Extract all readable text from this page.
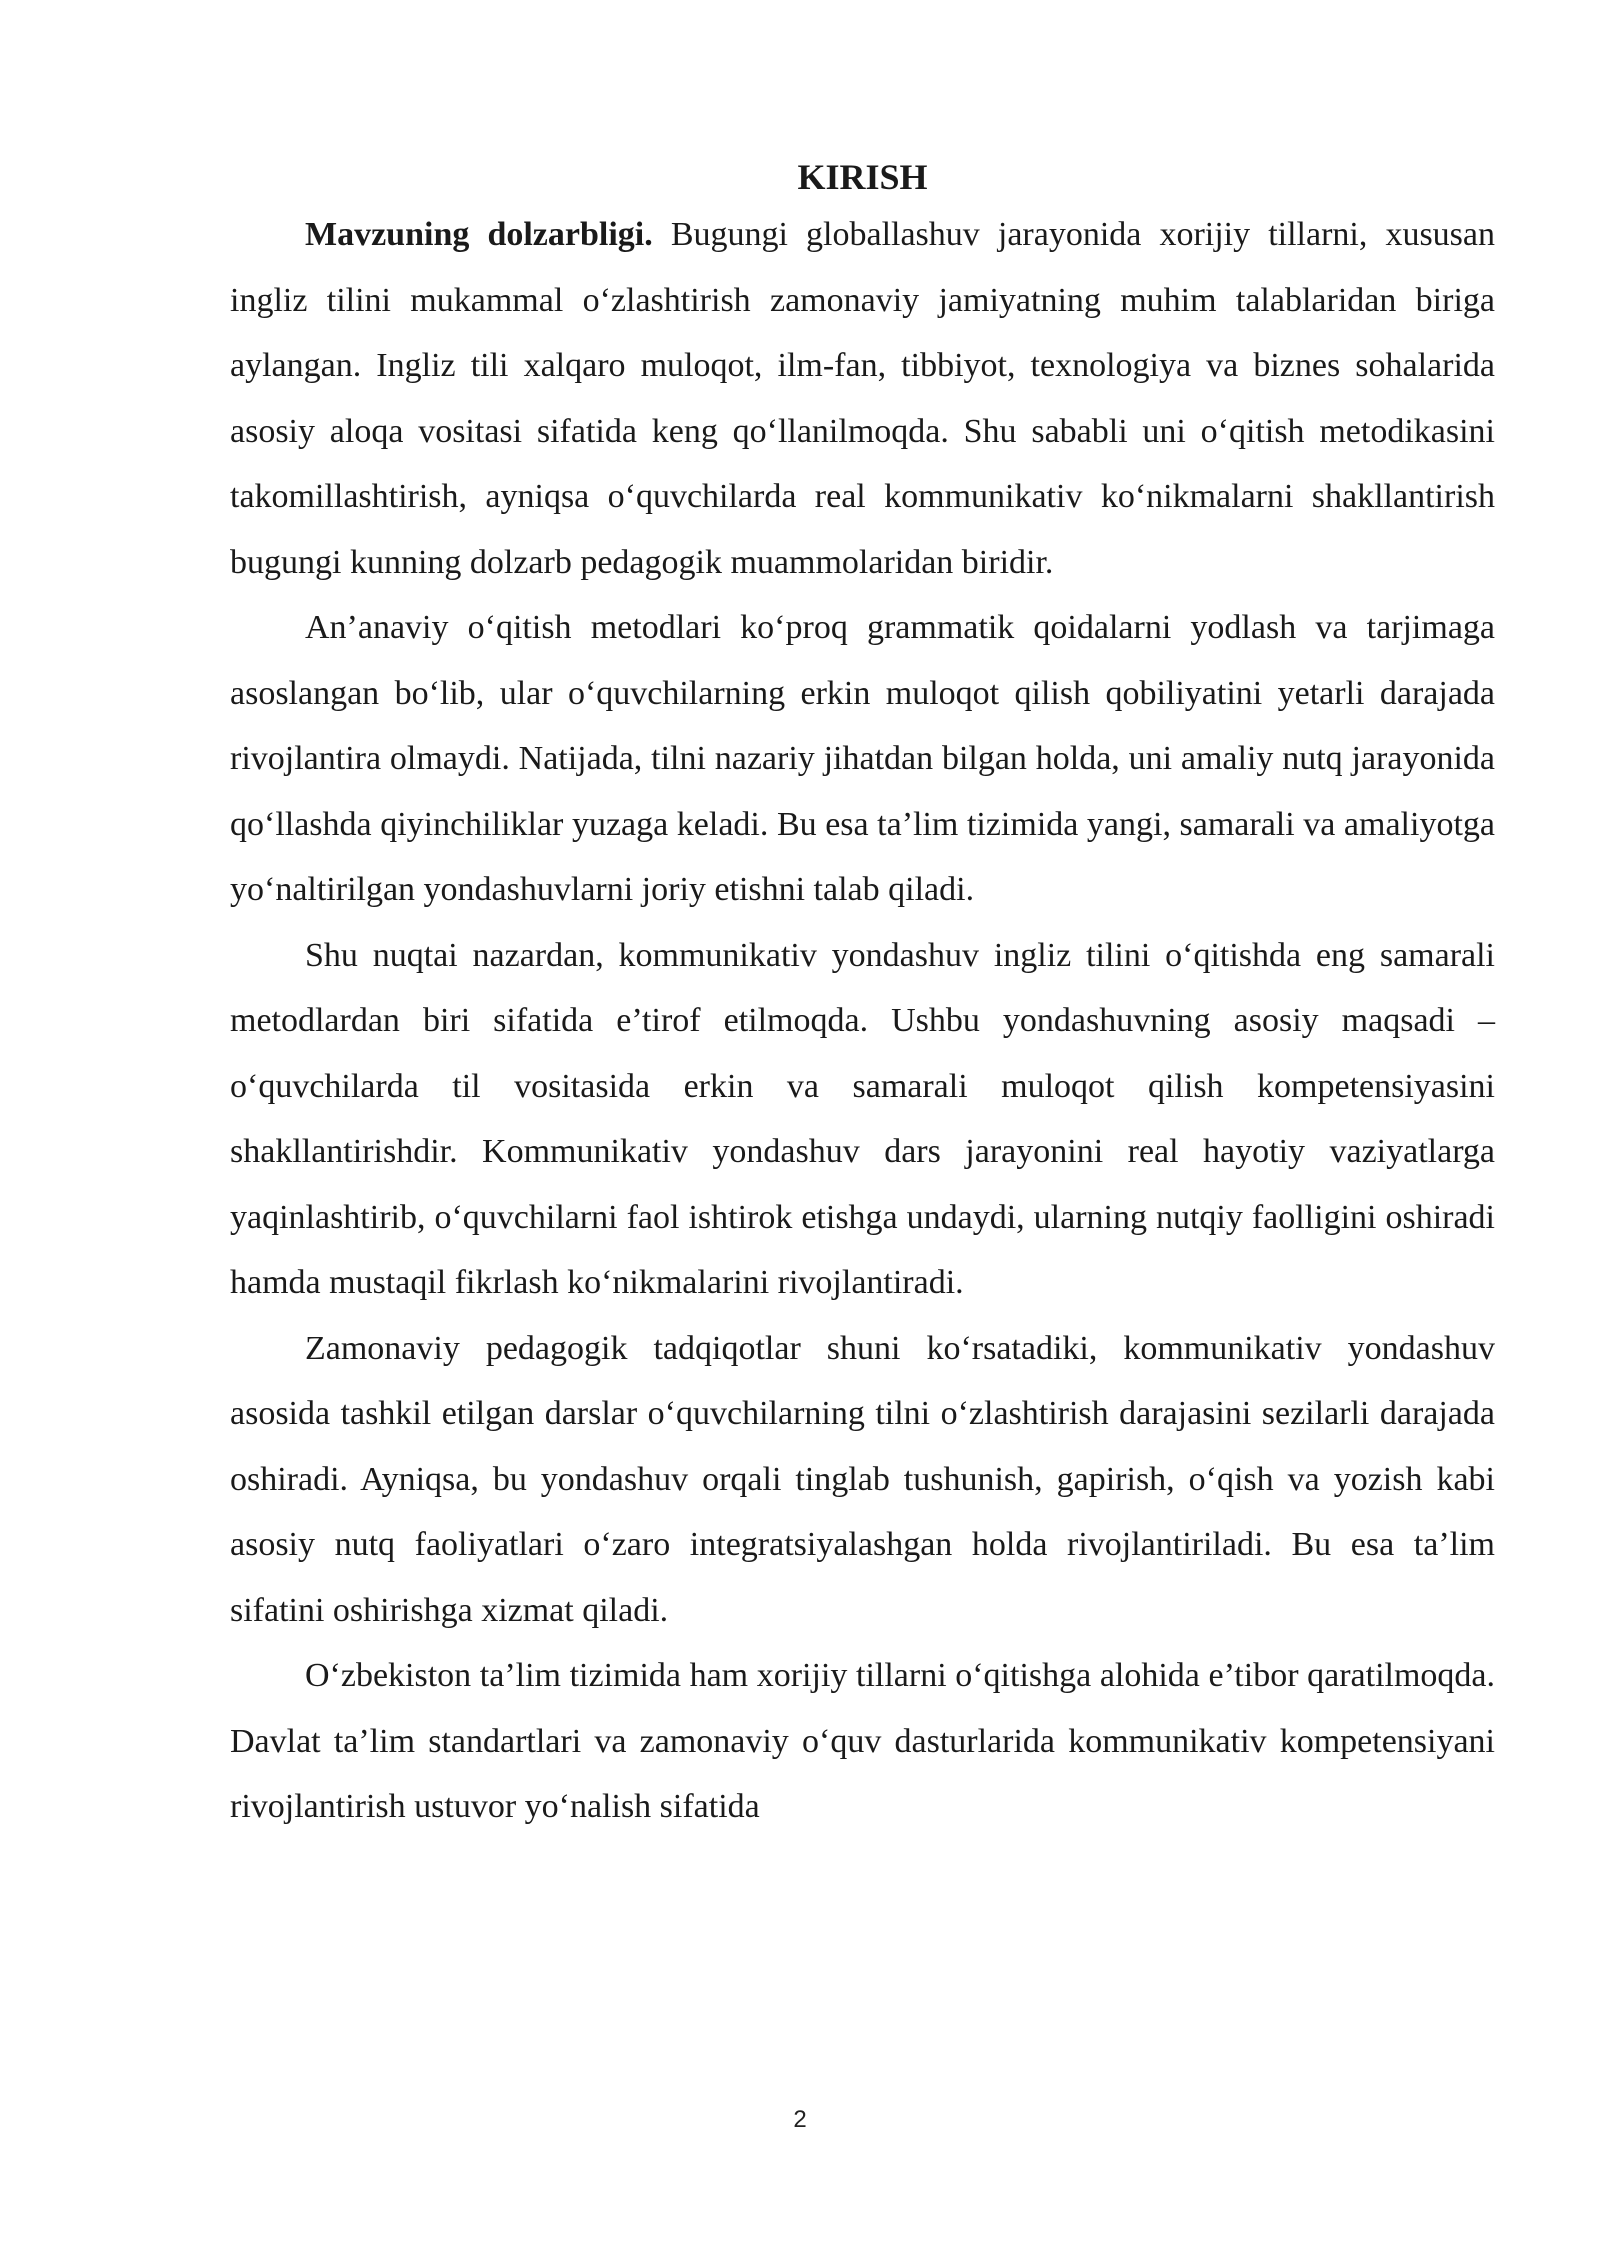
KIRISH

Mavzuning dolzarbligi. Bugungi globallashuv jarayonida xorijiy tillarni, xususan ingliz tilini mukammal o‘zlashtirish zamonaviy jamiyatning muhim talablaridan biriga aylangan. Ingliz tili xalqaro muloqot, ilm-fan, tibbiyot, texnologiya va biznes sohalarida asosiy aloqa vositasi sifatida keng qo‘llanilmoqda. Shu sababli uni o‘qitish metodikasini takomillashtirish, ayniqsa o‘quvchilarda real kommunikativ ko‘nikmalarni shakllantirish bugungi kunning dolzarb pedagogik muammolaridan biridir.

An’anaviy o‘qitish metodlari ko‘proq grammatik qoidalarni yodlash va tarjimaga asoslangan bo‘lib, ular o‘quvchilarning erkin muloqot qilish qobiliyatini yetarli darajada rivojlantira olmaydi. Natijada, tilni nazariy jihatdan bilgan holda, uni amaliy nutq jarayonida qo‘llashda qiyinchiliklar yuzaga keladi. Bu esa ta’lim tizimida yangi, samarali va amaliyotga yo‘naltirilgan yondashuvlarni joriy etishni talab qiladi.

Shu nuqtai nazardan, kommunikativ yondashuv ingliz tilini o‘qitishda eng samarali metodlardan biri sifatida e’tirof etilmoqda. Ushbu yondashuvning asosiy maqsadi – o‘quvchilarda til vositasida erkin va samarali muloqot qilish kompetensiyasini shakllantirishdir. Kommunikativ yondashuv dars jarayonini real hayotiy vaziyatlarga yaqinlashtirib, o‘quvchilarni faol ishtirok etishga undaydi, ularning nutqiy faolligini oshiradi hamda mustaqil fikrlash ko‘nikmalarini rivojlantiradi.

Zamonaviy pedagogik tadqiqotlar shuni ko‘rsatadiki, kommunikativ yondashuv asosida tashkil etilgan darslar o‘quvchilarning tilni o‘zlashtirish darajasini sezilarli darajada oshiradi. Ayniqsa, bu yondashuv orqali tinglab tushunish, gapirish, o‘qish va yozish kabi asosiy nutq faoliyatlari o‘zaro integratsiyalashgan holda rivojlantiriladi. Bu esa ta’lim sifatini oshirishga xizmat qiladi.

O‘zbekiston ta’lim tizimida ham xorijiy tillarni o‘qitishga alohida e’tibor qaratilmoqda. Davlat ta’lim standartlari va zamonaviy o‘quv dasturlarida kommunikativ kompetensiyani rivojlantirish ustuvor yo‘nalish sifatida

2
